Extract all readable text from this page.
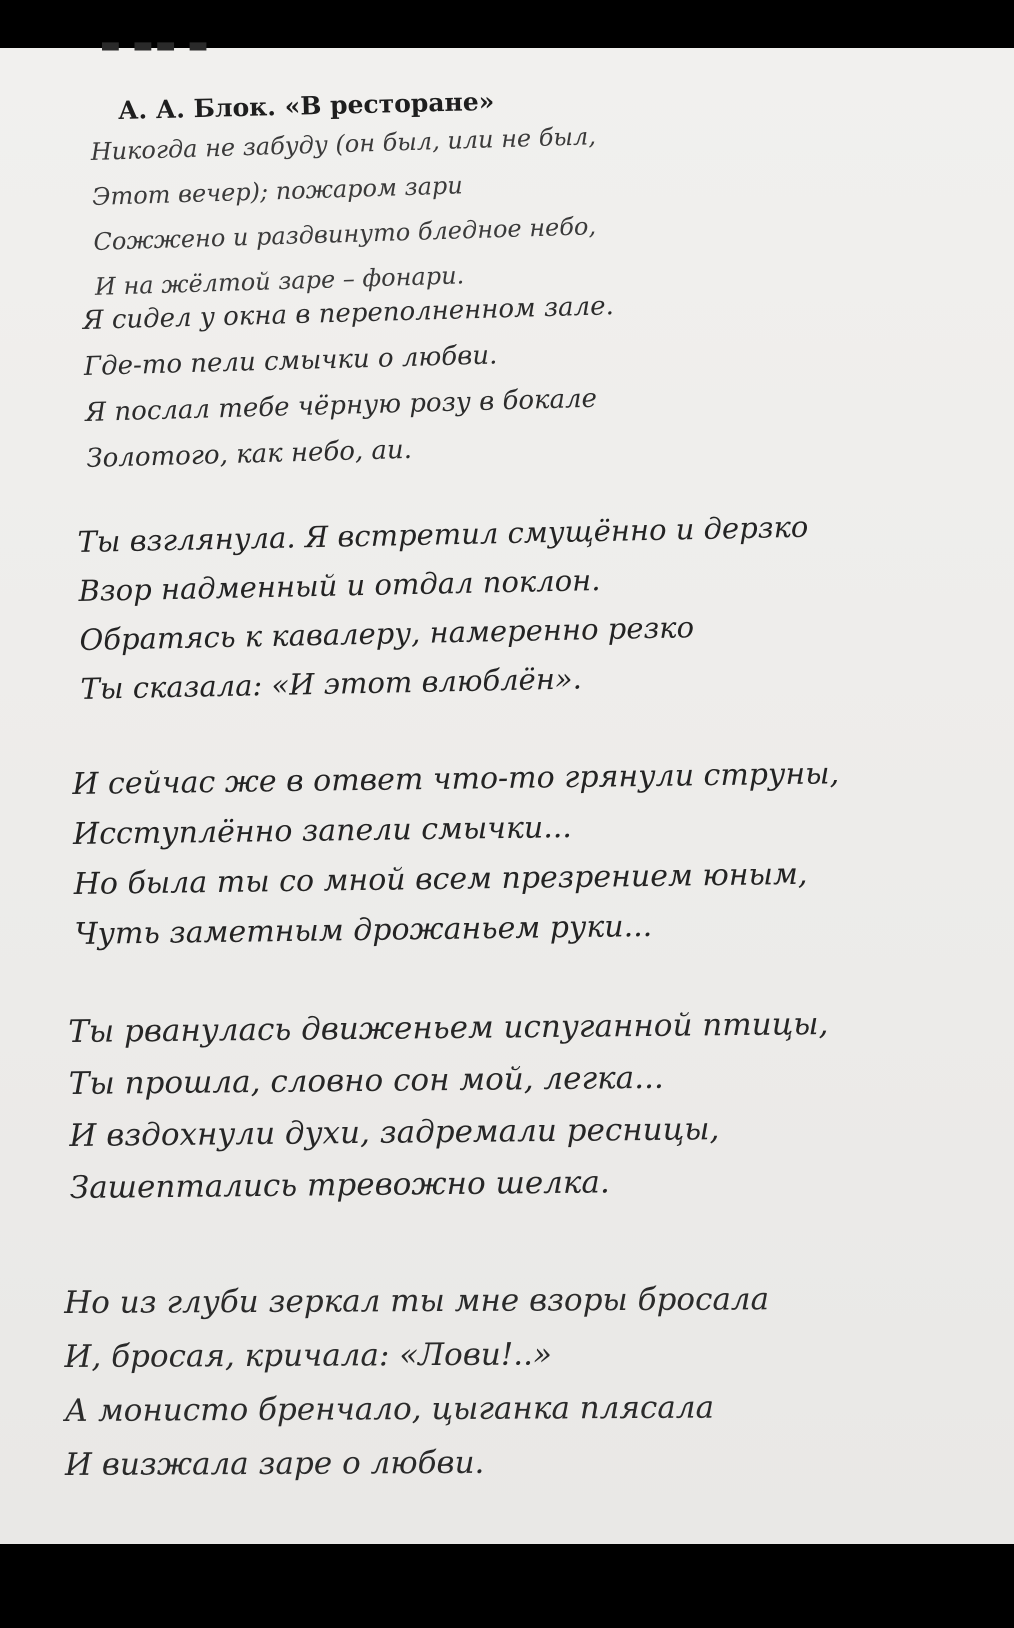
▬ ▬▬ ▬
А. А. Блок. «В ресторане»
Никогда не забуду (он был, или не был,
Этот вечер); пожаром зари
Сожжено и раздвинуто бледное небо,
И на жёлтой заре – фонари.
Я сидел у окна в переполненном зале.
Где-то пели смычки о любви.
Я послал тебе чёрную розу в бокале
Золотого, как небо, аи.
Ты взглянула. Я встретил смущённо и дерзко
Взор надменный и отдал поклон.
Обратясь к кавалеру, намеренно резко
Ты сказала: «И этот влюблён».
И сейчас же в ответ что-то грянули струны,
Исступлённо запели смычки...
Но была ты со мной всем презрением юным,
Чуть заметным дрожаньем руки...
Ты рванулась движеньем испуганной птицы,
Ты прошла, словно сон мой, легка...
И вздохнули духи, задремали ресницы,
Зашептались тревожно шелка.
Но из глуби зеркал ты мне взоры бросала
И, бросая, кричала: «Лови!..»
А монисто бренчало, цыганка плясала
И визжала заре о любви.
